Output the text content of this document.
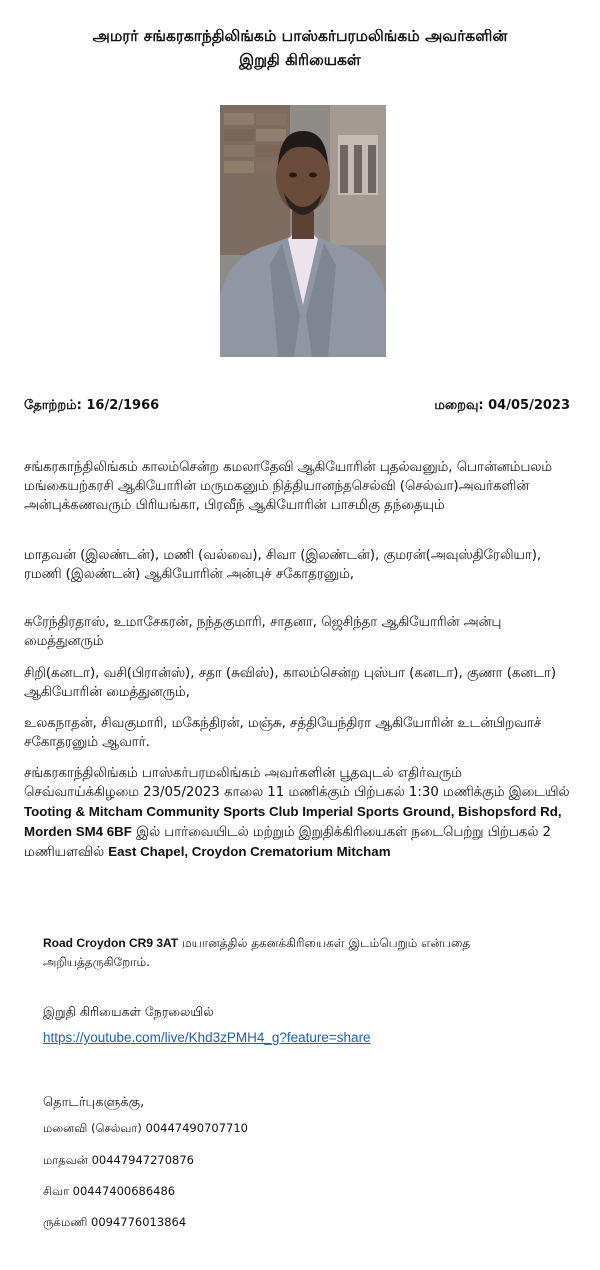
அமரர் சங்கரகாந்திலிங்கம் பாஸ்கர்பரமலிங்கம் அவர்களின்
இறுதி கிரியைகள்
தோற்றம்: 16/2/1966	மறைவு: 04/05/2023

சங்கரகாந்திலிங்கம் காலம்சென்ற கமலாதேவி ஆகியோரின் புதல்வனும், பொன்னம்பலம் மங்கையற்கரசி ஆகியோரின் மருமகனும் நித்தியானந்தசெல்வி (செல்வா)அவர்களின் அன்புக்கணவரும் பிரியங்கா, பிரவீந் ஆகியோரின் பாசமிகு தந்தையும்

மாதவன் (இலண்டன்), மணி (வல்வை), சிவா (இலண்டன்), குமரன்(அவுஸ்திரேலியா), ரமணி (இலண்டன்) ஆகியோரின் அன்புச் சகோதரனும்,

சுரேந்திரதாஸ், உமாசேகரன், நந்தகுமாரி, சாதனா, ஜெசிந்தா ஆகியோரின் அன்பு மைத்துனரும்

சிறி(கனடா), வசி(பிரான்ஸ்), சதா (சுவிஸ்), காலம்சென்ற புஸ்பா (கனடா), குணா (கனடா) ஆகியோரின் மைத்துனரும்,

உலகநாதன், சிவகுமாரி, மகேந்திரன், மஞ்சு, சத்தியேந்திரா ஆகியோரின் உடன்பிறவாச் சகோதரனும் ஆவார்.

சங்கரகாந்திலிங்கம் பாஸ்கர்பரமலிங்கம் அவர்களின் பூதவுடல் எதிர்வரும் செவ்வாய்க்கிழமை 23/05/2023 காலை 11 மணிக்கும் பிற்பகல் 1:30 மணிக்கும் இடையில் Tooting & Mitcham Community Sports Club Imperial Sports Ground, Bishopsford Rd, Morden SM4 6BF இல் பார்வையிடல் மற்றும் இறுதிக்கிரியைகள் நடைபெற்று பிற்பகல் 2 மணியளவில் East Chapel, Croydon Crematorium Mitcham

Road Croydon CR9 3AT மயானத்தில் தகனக்கிரியைகள் இடம்பெறும் என்பதை அறியத்தருகிறோம்.

இறுதி கிரியைகள் நேரலையில்

https://youtube.com/live/Khd3zPMH4_g?feature=share

தொடர்புகளுக்கு,

மனைவி (செல்வா) 00447490707710
மாதவன் 00447947270876
சிவா 00447400686486
ருக்மணி 0094776013864
